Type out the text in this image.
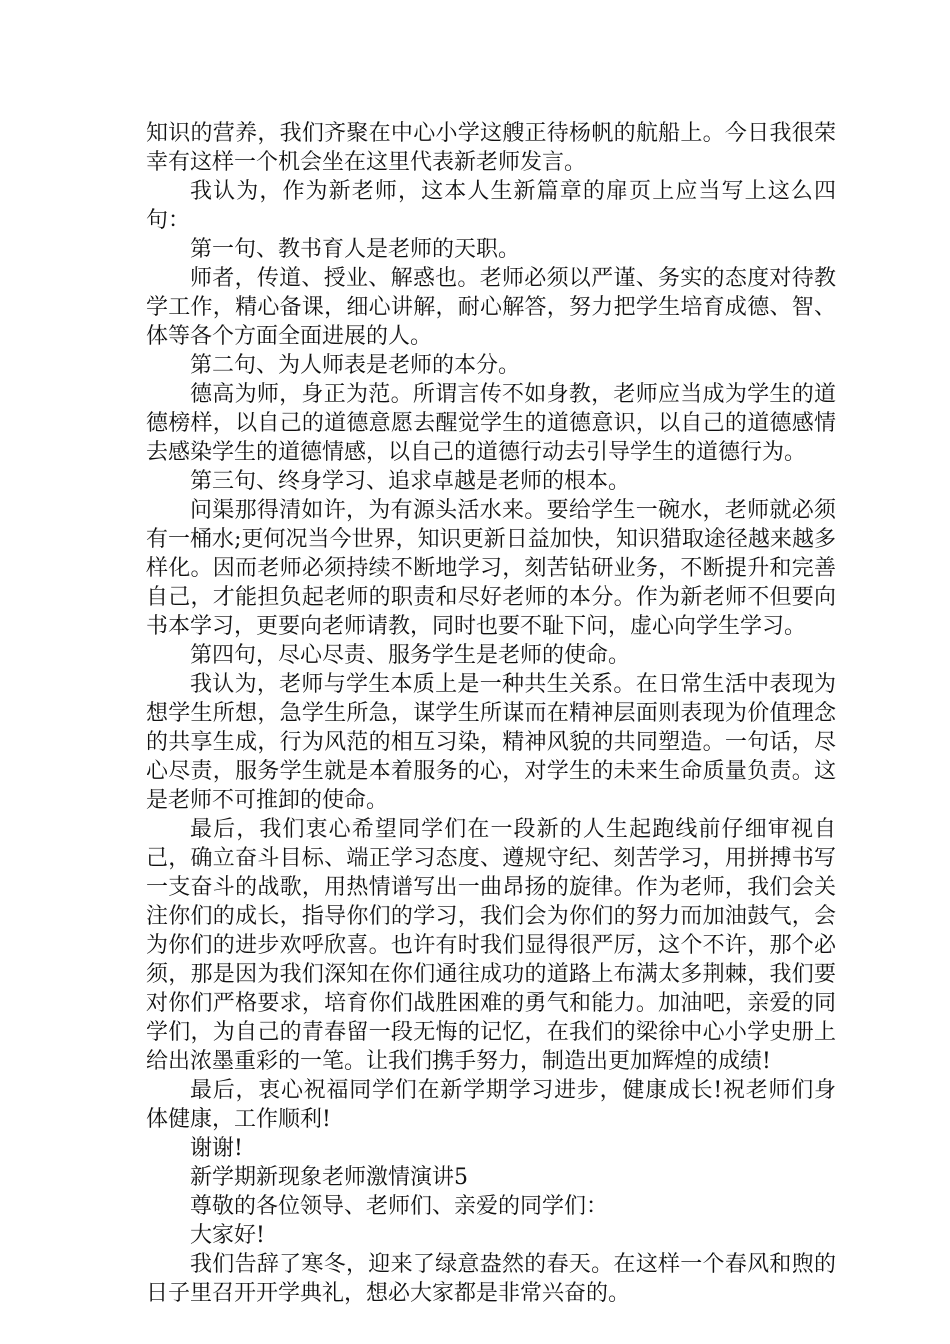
知识的营养，我们齐聚在中心小学这艘正待杨帆的航船上。今日我很荣幸有这样一个机会坐在这里代表新老师发言。

我认为，作为新老师，这本人生新篇章的扉页上应当写上这么四句：

第一句、教书育人是老师的天职。

师者，传道、授业、解惑也。老师必须以严谨、务实的态度对待教学工作，精心备课，细心讲解，耐心解答，努力把学生培育成德、智、体等各个方面全面进展的人。

第二句、为人师表是老师的本分。

德高为师，身正为范。所谓言传不如身教，老师应当成为学生的道德榜样，以自己的道德意愿去醒觉学生的道德意识，以自己的道德感情去感染学生的道德情感，以自己的道德行动去引导学生的道德行为。

第三句、终身学习、追求卓越是老师的根本。

问渠那得清如许，为有源头活水来。要给学生一碗水，老师就必须有一桶水;更何况当今世界，知识更新日益加快，知识猎取途径越来越多样化。因而老师必须持续不断地学习，刻苦钻研业务，不断提升和完善自己，才能担负起老师的职责和尽好老师的本分。作为新老师不但要向书本学习，更要向老师请教，同时也要不耻下问，虚心向学生学习。

第四句，尽心尽责、服务学生是老师的使命。

我认为，老师与学生本质上是一种共生关系。在日常生活中表现为想学生所想，急学生所急，谋学生所谋而在精神层面则表现为价值理念的共享生成，行为风范的相互习染，精神风貌的共同塑造。一句话，尽心尽责，服务学生就是本着服务的心，对学生的未来生命质量负责。这是老师不可推卸的使命。

最后，我们衷心希望同学们在一段新的人生起跑线前仔细审视自己，确立奋斗目标、端正学习态度、遵规守纪、刻苦学习，用拼搏书写一支奋斗的战歌，用热情谱写出一曲昂扬的旋律。作为老师，我们会关注你们的成长，指导你们的学习，我们会为你们的努力而加油鼓气，会为你们的进步欢呼欣喜。也许有时我们显得很严厉，这个不许，那个必须，那是因为我们深知在你们通往成功的道路上布满太多荆棘，我们要对你们严格要求，培育你们战胜困难的勇气和能力。加油吧，亲爱的同学们，为自己的青春留一段无悔的记忆，在我们的梁徐中心小学史册上给出浓墨重彩的一笔。让我们携手努力，制造出更加辉煌的成绩!

最后，衷心祝福同学们在新学期学习进步，健康成长!祝老师们身体健康，工作顺利!

谢谢!

新学期新现象老师激情演讲5

尊敬的各位领导、老师们、亲爱的同学们：

大家好!

我们告辞了寒冬，迎来了绿意盎然的春天。在这样一个春风和煦的日子里召开开学典礼，想必大家都是非常兴奋的。
